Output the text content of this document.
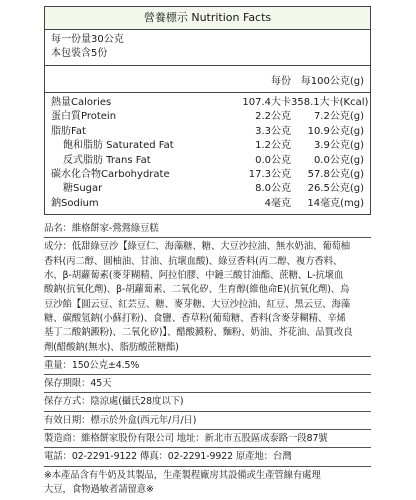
營養標示 Nutrition Facts
每一份量30公克
本包裝含5份
每份 每100公克(g)
熱量Calories	107.4大卡 358.1大卡(Kcal)
蛋白質Protein	2.2公克	7.2公克(g)
脂肪Fat	3.3公克	10.9公克(g)
飽和脂肪 Saturated Fat	1.2公克	3.9公克(g)
反式脂肪 Trans Fat	0.0公克	0.0公克(g)
碳水化合物Carbohydrate	17.3公克	57.8公克(g)
糖Sugar	8.0公克	26.5公克(g)
鈉Sodium	4毫克	14毫克(mg)
品名：維格餅家-鶯鶯綠豆糕
成分：低甜綠豆沙【綠豆仁、海藻糖、糖、大豆沙拉油、無水奶油、葡萄柚
香料(丙二醇、圓柚油、甘油、抗壞血酸)、綠豆香料(丙二醇、複方香料、
水、β-胡蘿蔔素(麥芽糊精、阿拉伯膠、中鏈三酸甘油酯、蔗糖、L-抗壞血
酸鈉(抗氧化劑)、β-胡蘿蔔素、二氧化矽、生育醇(維他命E)(抗氧化劑)、烏
豆沙餡【圓云豆、紅芸豆、糖、麥芽糖、大豆沙拉油、紅豆、黑云豆、海藻
糖、碳酸氫鈉(小蘇打粉)、食鹽、香草粉(葡萄糖、香料(含麥芽糊精、辛烯
基丁二酸鈉澱粉)、二氧化矽)】、醋酸澱粉、麵粉、奶油、芥花油、品質改良
劑(醋酸鈉(無水)、脂肪酸蔗糖酯)
重量：150公克±4.5%
保存期限：45天
保存方式：陰涼處(攝氏28度以下)
有效日期：標示於外盒(西元年/月/日)
製造商：維格餅家股份有限公司 地址：新北市五股區成泰路一段87號
電話：02-2291-9122 傳真：02-2291-9922 原產地：台灣
※本產品含有牛奶及其製品，生產製程廠房其設備或生產管線有處理
大豆，食物過敏者請留意※
